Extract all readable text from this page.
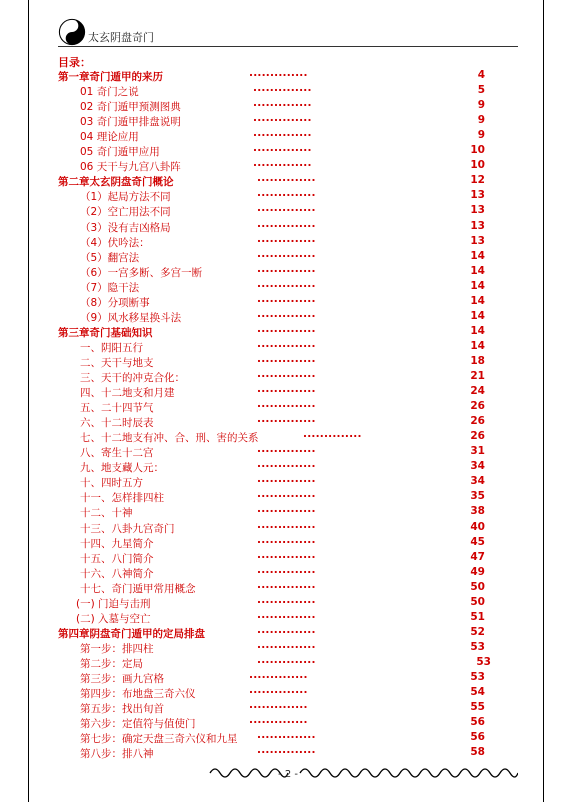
太玄阴盘奇门
目录：
第一章奇门遁甲的来历	..............	4
01 奇门之说	..............	5
02 奇门遁甲预测图典	..............	9
03 奇门遁甲排盘说明	..............	9
04 理论应用	..............	9
05 奇门遁甲应用	..............	10
06 天干与九宫八卦阵	..............	10
第二章太玄阴盘奇门概论	..............	12
（1）起局方法不同	..............	13
（2）空亡用法不同	..............	13
（3）没有吉凶格局	..............	13
（4）伏吟法：	..............	13
（5）翻宫法	..............	14
（6）一宫多断、多宫一断	..............	14
（7）隐干法	..............	14
（8）分项断事	..............	14
（9）风水移星换斗法	..............	14
第三章奇门基础知识	..............	14
一、阴阳五行	..............	14
二、天干与地支	..............	18
三、天干的冲克合化：	..............	21
四、十二地支和月建	..............	24
五、二十四节气	..............	26
六、十二时辰表	..............	26
七、十二地支有冲、合、刑、害的关系	..............	26
八、寄生十二宫	..............	31
九、地支藏人元：	..............	34
十、四时五方	..............	34
十一、怎样排四柱	..............	35
十二、十神	..............	38
十三、八卦九宫奇门	..............	40
十四、九星简介	..............	45
十五、八门简介	..............	47
十六、八神简介	..............	49
十七、奇门遁甲常用概念	..............	50
(一) 门迫与击刑	..............	50
(二) 入墓与空亡	..............	51
第四章阴盘奇门遁甲的定局排盘	..............	52
第一步：排四柱	..............	53
第二步：定局	..............	53
第三步：画九宫格	..............	53
第四步：布地盘三奇六仪	..............	54
第五步：找出旬首	..............	55
第六步：定值符与值使门	..............	56
第七步：确定天盘三奇六仪和九星 ..............	56
第八步：排八神	..............	58
- 2 -
